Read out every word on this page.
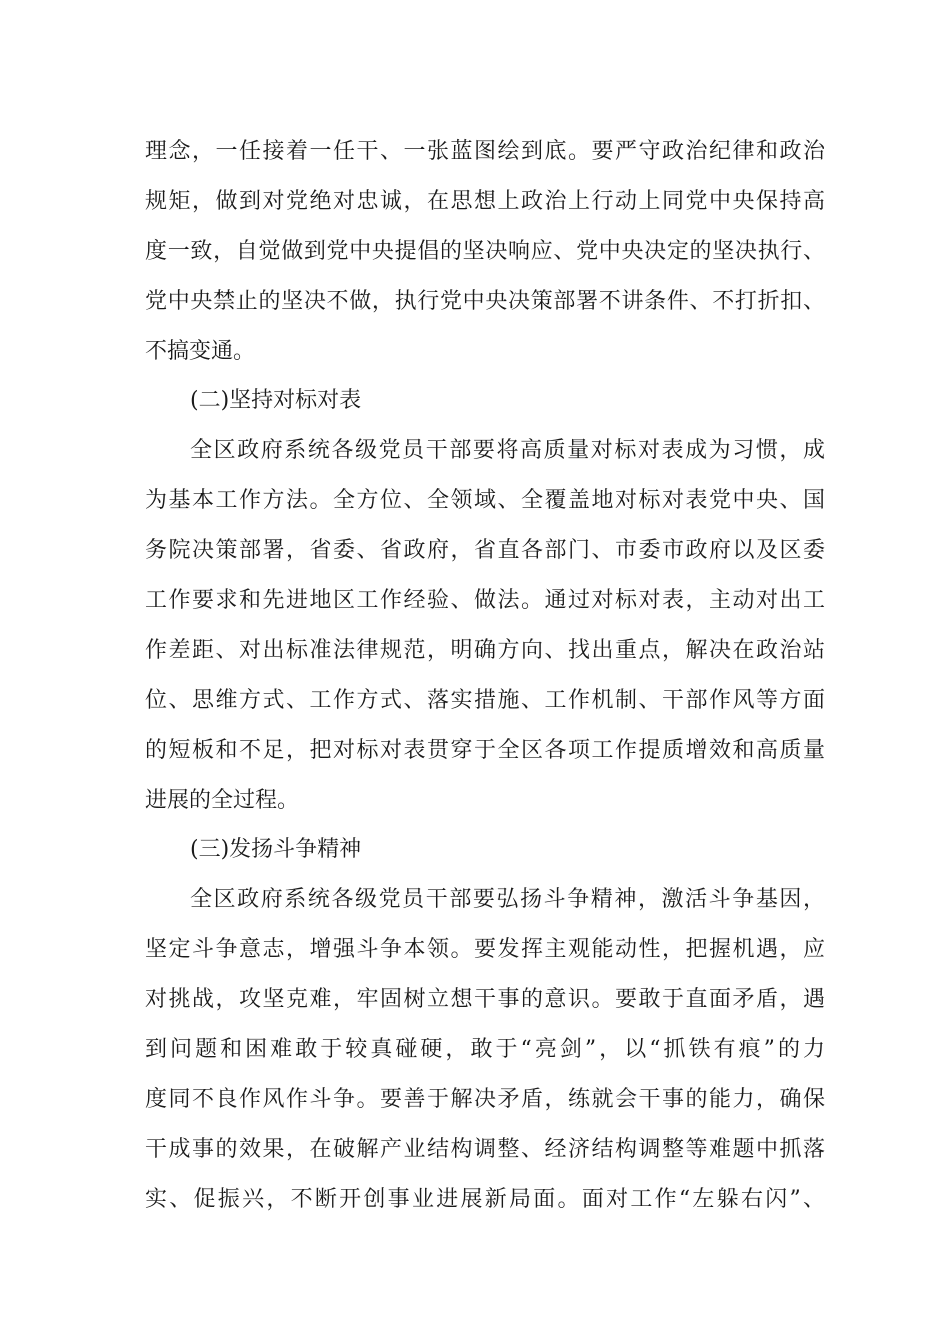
理念，一任接着一任干、一张蓝图绘到底。要严守政治纪律和政治
规矩，做到对党绝对忠诚，在思想上政治上行动上同党中央保持高
度一致，自觉做到党中央提倡的坚决响应、党中央决定的坚决执行、
党中央禁止的坚决不做，执行党中央决策部署不讲条件、不打折扣、
不搞变通。
(二)坚持对标对表
全区政府系统各级党员干部要将高质量对标对表成为习惯，成
为基本工作方法。全方位、全领域、全覆盖地对标对表党中央、国
务院决策部署，省委、省政府，省直各部门、市委市政府以及区委
工作要求和先进地区工作经验、做法。通过对标对表，主动对出工
作差距、对出标准法律规范，明确方向、找出重点，解决在政治站
位、思维方式、工作方式、落实措施、工作机制、干部作风等方面
的短板和不足，把对标对表贯穿于全区各项工作提质增效和高质量
进展的全过程。
(三)发扬斗争精神
全区政府系统各级党员干部要弘扬斗争精神，激活斗争基因，
坚定斗争意志，增强斗争本领。要发挥主观能动性，把握机遇，应
对挑战，攻坚克难，牢固树立想干事的意识。要敢于直面矛盾，遇
到问题和困难敢于较真碰硬，敢于“亮剑”，以“抓铁有痕”的力
度同不良作风作斗争。要善于解决矛盾，练就会干事的能力，确保
干成事的效果，在破解产业结构调整、经济结构调整等难题中抓落
实、促振兴，不断开创事业进展新局面。面对工作“左躲右闪”、
